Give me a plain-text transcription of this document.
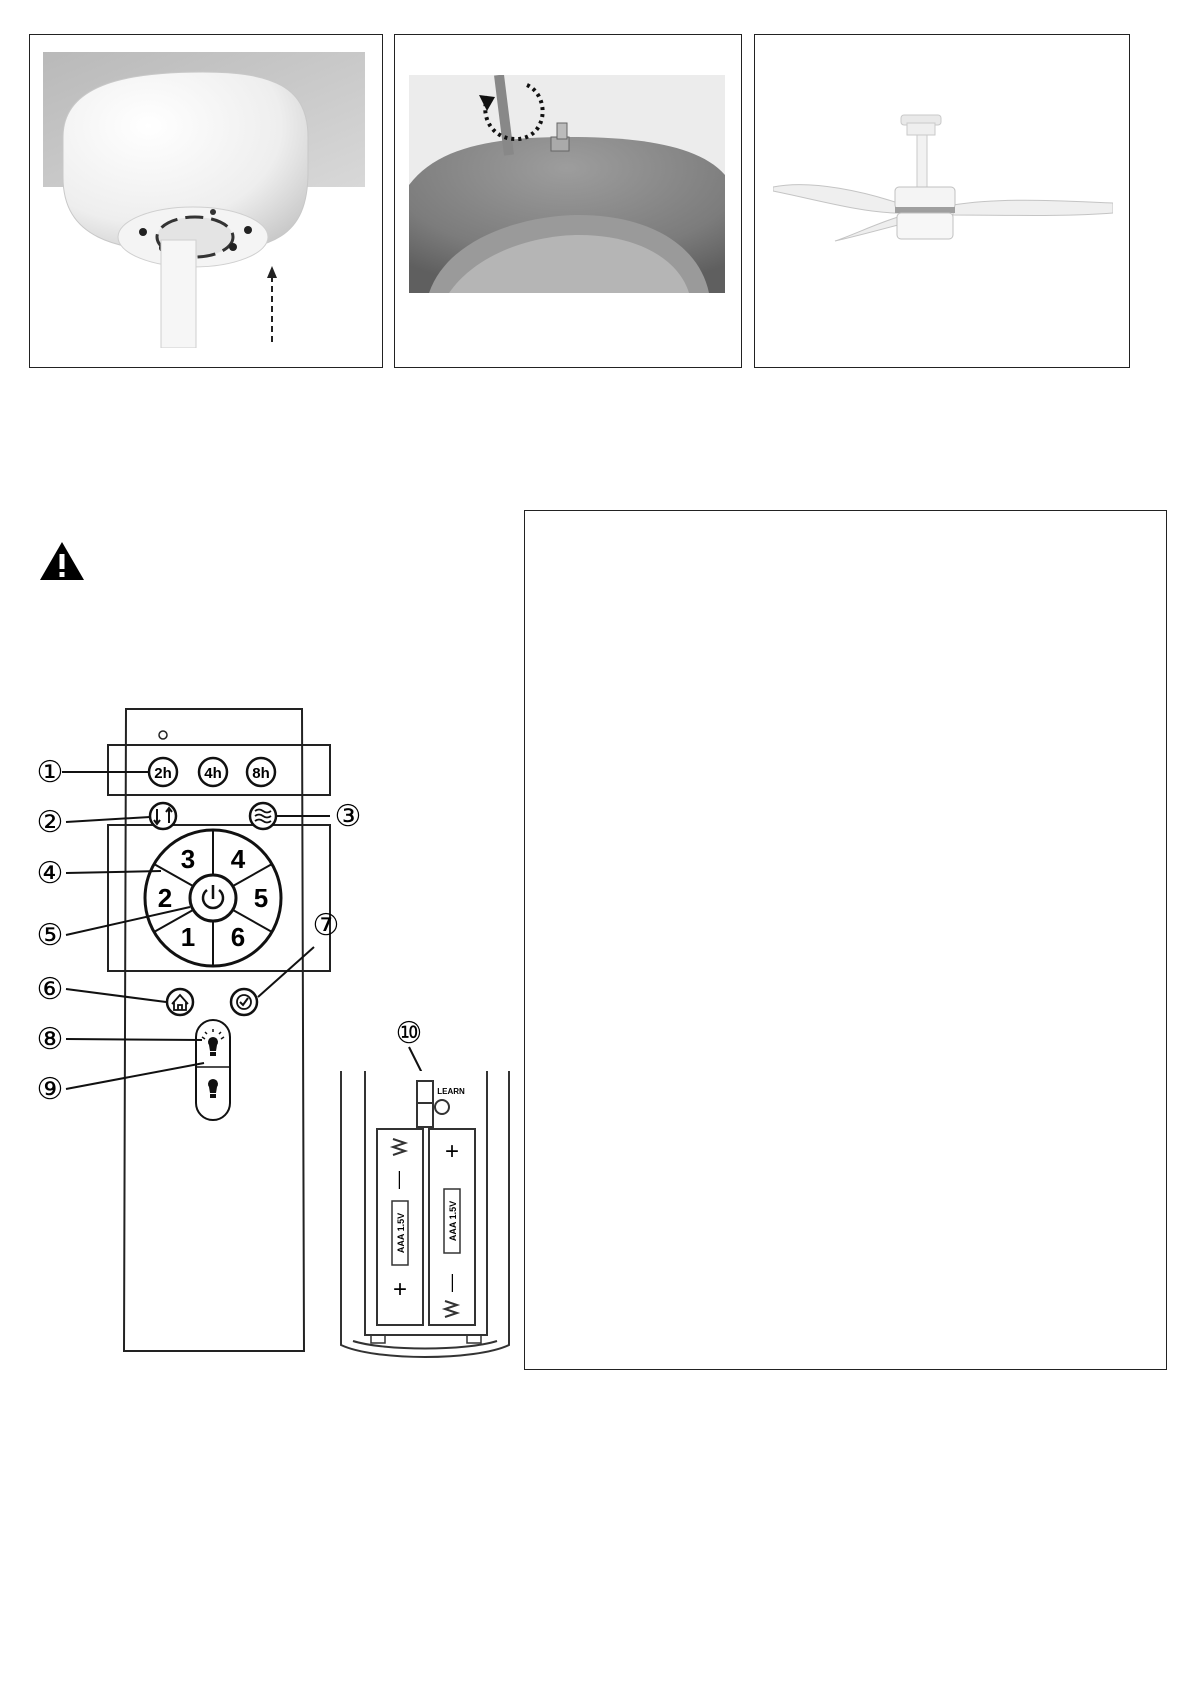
2h 4h 8h
3 4
2	5
1 6
①
②	③
④
⑤	⑦
⑥
⑧
⑨
⑩
LEARN
—
AAA 1.5V
+
+
AAA 1.5V
—
